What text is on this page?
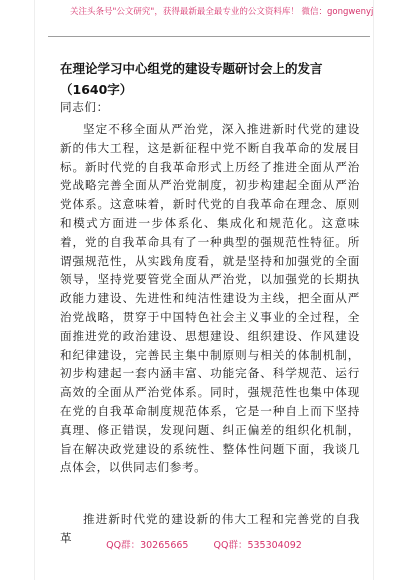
关注头条号"公文研究"，获得最新最全最专业的公文资料库！ 微信：gongwenyj
在理论学习中心组党的建设专题研讨会上的发言（1640字）

同志们：

坚定不移全面从严治党，深入推进新时代党的建设新的伟大工程，这是新征程中党不断自我革命的发展目标。新时代党的自我革命形式上历经了推进全面从严治党战略完善全面从严治党制度，初步构建起全面从严治党体系。这意味着，新时代党的自我革命在理念、原则和模式方面进一步体系化、集成化和规范化。这意味着，党的自我革命具有了一种典型的强规范性特征。所谓强规范性，从实践角度看，就是坚持和加强党的全面领导，坚持党要管党全面从严治党，以加强党的长期执政能力建设、先进性和纯洁性建设为主线，把全面从严治党战略，贯穿于中国特色社会主义事业的全过程，全面推进党的政治建设、思想建设、组织建设、作风建设和纪律建设，完善民主集中制原则与相关的体制机制，初步构建起一套内涵丰富、功能完备、科学规范、运行高效的全面从严治党体系。同时，强规范性也集中体现在党的自我革命制度规范体系，它是一种自上而下坚持真理、修正错误，发现问题、纠正偏差的组织化机制，旨在解决政党建设的系统性、整体性问题下面，我谈几点体会，以供同志们参考。

推进新时代党的建设新的伟大工程和完善党的自我革

QQ群：30265665	QQ群：535304092
